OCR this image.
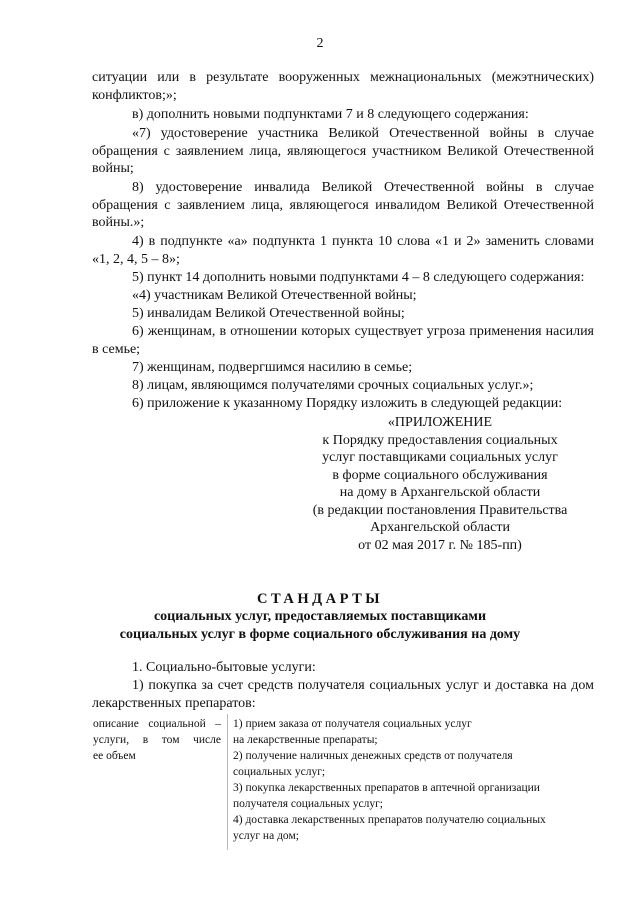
2

ситуации или в результате вооруженных межнациональных (межэтнических) конфликтов;»;

в) дополнить новыми подпунктами 7 и 8 следующего содержания:

«7) удостоверение участника Великой Отечественной войны в случае обращения с заявлением лица, являющегося участником Великой Отечественной войны;

8) удостоверение инвалида Великой Отечественной войны в случае обращения с заявлением лица, являющегося инвалидом Великой Отечественной войны.»;

4) в подпункте «а» подпункта 1 пункта 10 слова «1 и 2» заменить словами «1, 2, 4, 5 – 8»;

5) пункт 14 дополнить новыми подпунктами 4 – 8 следующего содержания:

«4) участникам Великой Отечественной войны;

5) инвалидам Великой Отечественной войны;

6) женщинам, в отношении которых существует угроза применения насилия в семье;

7) женщинам, подвергшимся насилию в семье;

8) лицам, являющимся получателями срочных социальных услуг.»;

6) приложение к указанному Порядку изложить в следующей редакции:

«ПРИЛОЖЕНИЕ
к Порядку предоставления социальных
услуг поставщиками социальных услуг
в форме социального обслуживания
на дому в Архангельской области
(в редакции постановления Правительства
Архангельской области
от 02 мая 2017 г. № 185-пп)
СТАНДАРТЫ
социальных услуг, предоставляемых поставщиками
социальных услуг в форме социального обслуживания на дому

1. Социально-бытовые услуги:

1) покупка за счет средств получателя социальных услуг и доставка на дом лекарственных препаратов:

описание социальной –
услуги, в том числе
ее объем
1) прием заказа от получателя социальных услуг
на лекарственные препараты;
2) получение наличных денежных средств от получателя
социальных услуг;
3) покупка лекарственных препаратов в аптечной организации
получателя социальных услуг;
4) доставка лекарственных препаратов получателю социальных
услуг на дом;
